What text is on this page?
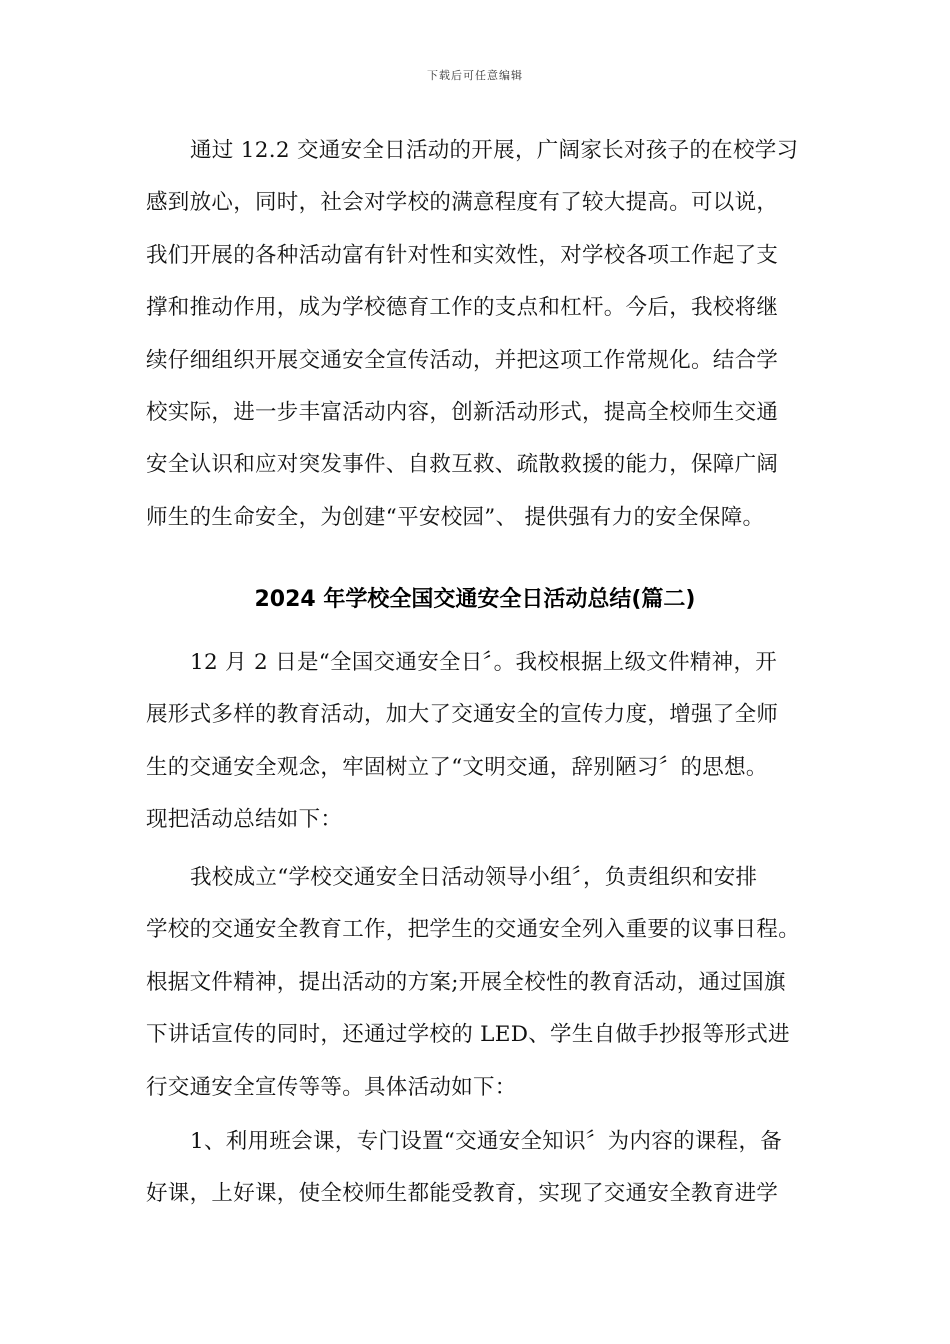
下载后可任意编辑
通过 12.2 交通安全日活动的开展，广阔家长对孩子的在校学习
感到放心，同时，社会对学校的满意程度有了较大提高。可以说，
我们开展的各种活动富有针对性和实效性，对学校各项工作起了支
撑和推动作用，成为学校德育工作的支点和杠杆。今后，我校将继
续仔细组织开展交通安全宣传活动，并把这项工作常规化。结合学
校实际，进一步丰富活动内容，创新活动形式，提高全校师生交通
安全认识和应对突发事件、自救互救、疏散救援的能力，保障广阔
师生的生命安全，为创建“平安校园”、 提供强有力的安全保障。
2024 年学校全国交通安全日活动总结(篇二)
12 月 2 日是“全国交通安全日〞。我校根据上级文件精神，开
展形式多样的教育活动，加大了交通安全的宣传力度，增强了全师
生的交通安全观念，牢固树立了“文明交通，辞别陋习〞的思想。
现把活动总结如下：
我校成立“学校交通安全日活动领导小组〞，负责组织和安排
学校的交通安全教育工作，把学生的交通安全列入重要的议事日程。
根据文件精神，提出活动的方案;开展全校性的教育活动，通过国旗
下讲话宣传的同时，还通过学校的 LED、学生自做手抄报等形式进
行交通安全宣传等等。具体活动如下：
1、利用班会课，专门设置“交通安全知识〞为内容的课程，备
好课，上好课，使全校师生都能受教育，实现了交通安全教育进学
